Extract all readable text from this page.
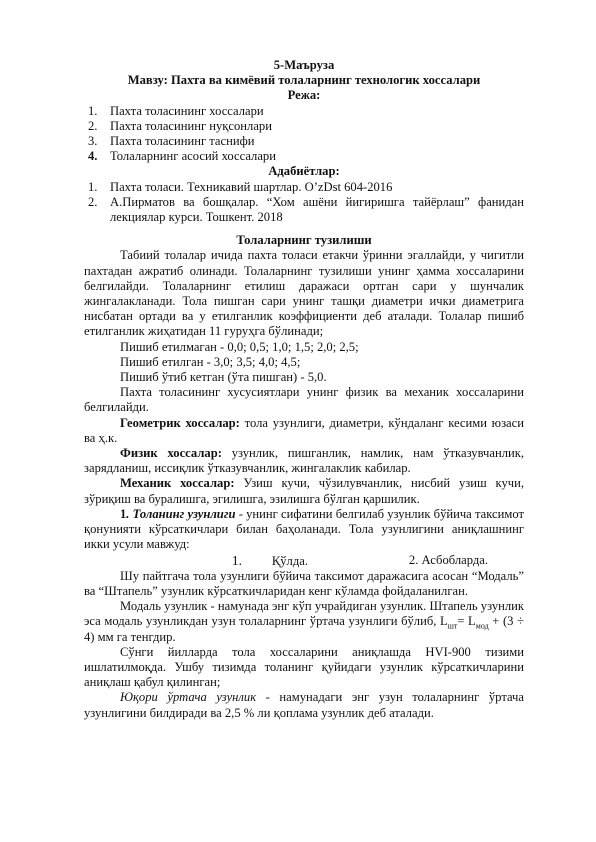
5-Маъруза
Мавзу: Пахта ва кимёвий толаларнинг технологик хоссалари
Режа:
1. Пахта толасининг хоссалари
2. Пахта толасининг нуқсонлари
3. Пахта толасининг таснифи
4. Толаларнинг асосий хоссалари
Адабиётлар:
1. Пахта толаси. Техникавий шартлар. O’zDst 604-2016
2. А.Пирматов ва бошқалар. “Хом ашёни йигиришга тайёрлаш” фанидан лекциялар курси. Тошкент. 2018
Толаларнинг тузилиши

Табиий толалар ичида пахта толаси етакчи ўринни эгаллайди, у чигитли пахтадан ажратиб олинади. Толаларнинг тузилиши унинг ҳамма хоссаларини белгилайди. Толаларнинг етилиш даражаси ортган сари у шунчалик жингалакланади. Тола пишган сари унинг ташқи диаметри ички диаметрига нисбатан ортади ва у етилганлик коэффициенти деб аталади. Толалар пишиб етилганлик жиҳатидан 11 гуруҳга бўлинади;

Пишиб етилмаган - 0,0; 0,5; 1,0; 1,5; 2,0; 2,5;

Пишиб етилган - 3,0; 3,5; 4,0; 4,5;

Пишиб ўтиб кетган (ўта пишган) - 5,0.

Пахта толасининг хусусиятлари унинг физик ва механик хоссаларини белгилайди.

Геометрик хоссалар: тола узунлиги, диаметри, кўндаланг кесими юзаси ва ҳ.к.

Физик хоссалар: узунлик, пишганлик, намлик, нам ўтказувчанлик, зарядланиш, иссиқлик ўтказувчанлик, жингалаклик кабилар.

Механик хоссалар: Узиш кучи, чўзилувчанлик, нисбий узиш кучи, зўриқиш ва буралишга, эгилишга, эзилишга бўлган қаршилик.

1. Толанинг узунлиги - унинг сифатини белгилаб узунлик бўйича таксимот қонунияти кўрсаткичлари билан баҳоланади. Тола узунлигини аниқлашнинг икки усули мавжуд:

1. Қўлда.	2. Асбобларда.

Шу пайтгача тола узунлиги бўйича таксимот даражасига асосан “Модаль” ва “Штапель” узунлик кўрсаткичларидан кенг кўламда фойдаланилган.

Модаль узунлик - намунада энг кўп учрайдиган узунлик. Штапель узунлик эса модаль узунликдан узун толаларнинг ўртача узунлиги бўлиб, $L_{шт}= L_{мод} + (3 \div 4)$ мм га тенгдир.

Сўнги йилларда тола хоссаларини аниқлашда HVI-900 тизими ишлатилмоқда. Ушбу тизимда толанинг қуйидаги узунлик кўрсаткичларини аниқлаш қабул қилинган;

Юқори ўртача узунлик - намунадаги энг узун толаларнинг ўртача узунлигини билдиради ва 2,5 % ли қоплама узунлик деб аталади.
